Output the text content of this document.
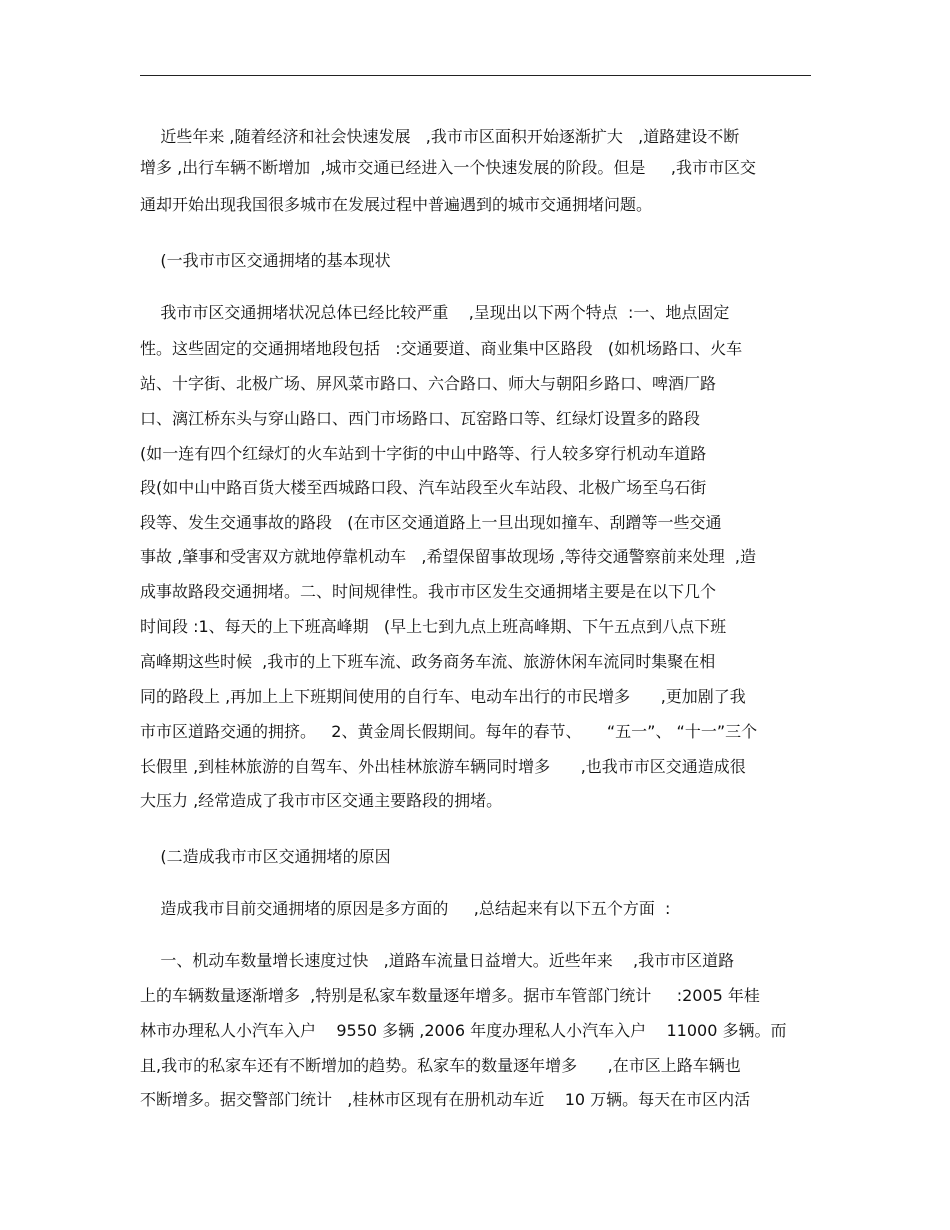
近些年来 ,随着经济和社会快速发展   ,我市市区面积开始逐渐扩大   ,道路建设不断
增多 ,出行车辆不断增加  ,城市交通已经进入一个快速发展的阶段。但是     ,我市市区交
通却开始出现我国很多城市在发展过程中普遍遇到的城市交通拥堵问题。
(一我市市区交通拥堵的基本现状
我市市区交通拥堵状况总体已经比较严重    ,呈现出以下两个特点  :一、地点固定
性。这些固定的交通拥堵地段包括   :交通要道、商业集中区路段   (如机场路口、火车
站、十字街、北极广场、屏风菜市路口、六合路口、师大与朝阳乡路口、啤酒厂路
口、漓江桥东头与穿山路口、西门市场路口、瓦窑路口等、红绿灯设置多的路段
(如一连有四个红绿灯的火车站到十字街的中山中路等、行人较多穿行机动车道路
段(如中山中路百货大楼至西城路口段、汽车站段至火车站段、北极广场至乌石街
段等、发生交通事故的路段   (在市区交通道路上一旦出现如撞车、刮蹭等一些交通
事故 ,肇事和受害双方就地停靠机动车   ,希望保留事故现场 ,等待交通警察前来处理  ,造
成事故路段交通拥堵。二、时间规律性。我市市区发生交通拥堵主要是在以下几个
时间段 :1、每天的上下班高峰期   (早上七到九点上班高峰期、下午五点到八点下班
高峰期这些时候  ,我市的上下班车流、政务商务车流、旅游休闲车流同时集聚在相
同的路段上 ,再加上上下班期间使用的自行车、电动车出行的市民增多      ,更加剧了我
市市区道路交通的拥挤。   2、黄金周长假期间。每年的春节、     “五一”、 “十一”三个
长假里 ,到桂林旅游的自驾车、外出桂林旅游车辆同时增多      ,也我市市区交通造成很
大压力 ,经常造成了我市市区交通主要路段的拥堵。
(二造成我市市区交通拥堵的原因
造成我市目前交通拥堵的原因是多方面的     ,总结起来有以下五个方面  :
一、机动车数量增长速度过快   ,道路车流量日益增大。近些年来    ,我市市区道路
上的车辆数量逐渐增多  ,特别是私家车数量逐年增多。据市车管部门统计     :2005 年桂
林市办理私人小汽车入户    9550 多辆 ,2006 年度办理私人小汽车入户    11000 多辆。而
且,我市的私家车还有不断增加的趋势。私家车的数量逐年增多      ,在市区上路车辆也
不断增多。据交警部门统计   ,桂林市区现有在册机动车近    10 万辆。每天在市区内活
